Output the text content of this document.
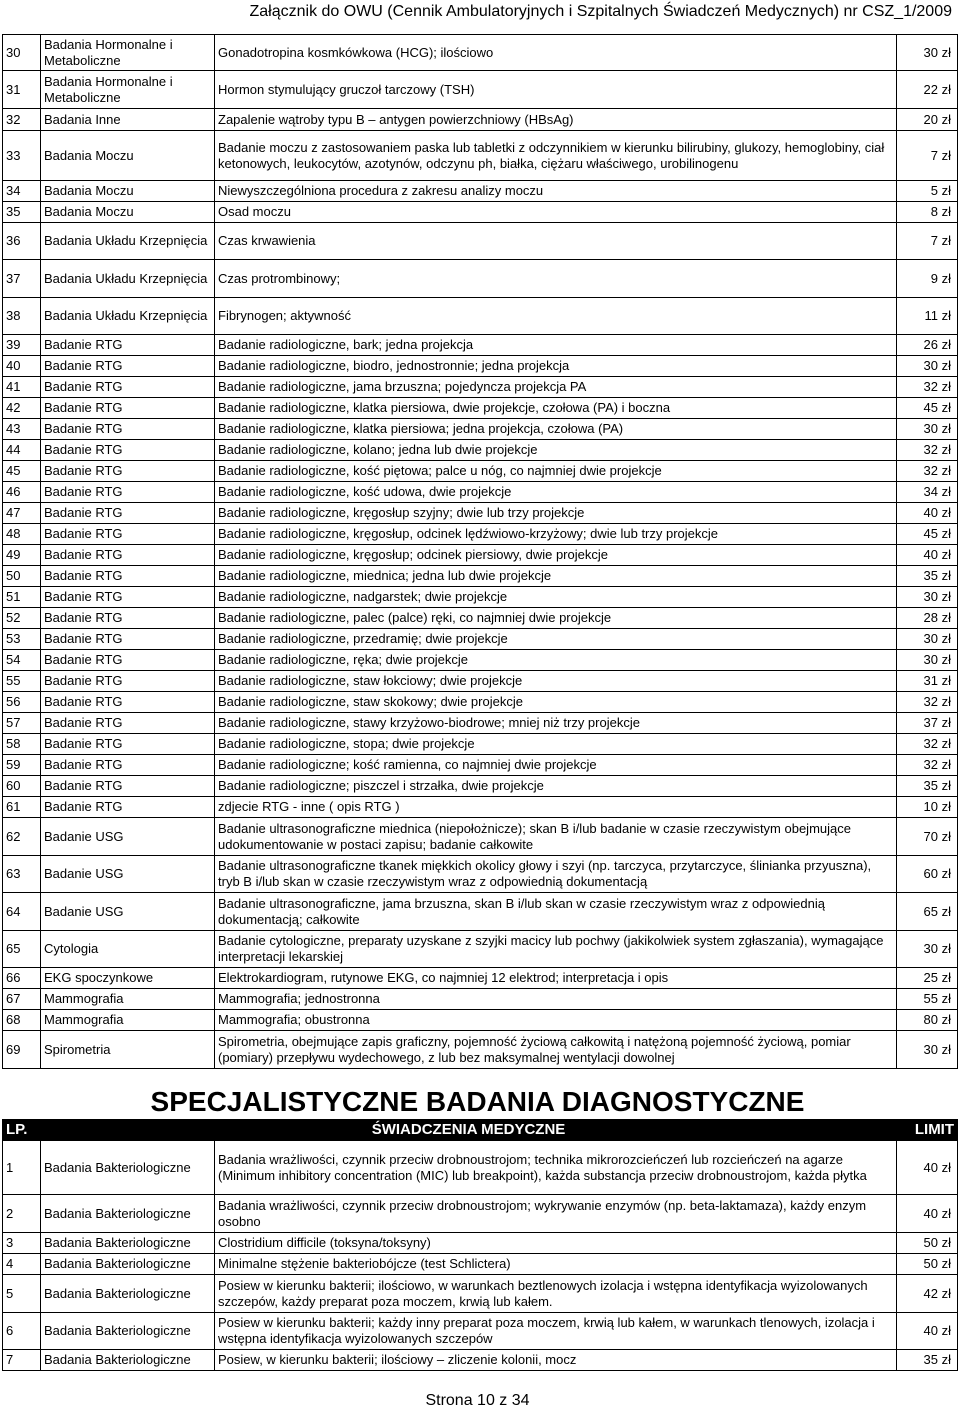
Załącznik do OWU (Cennik Ambulatoryjnych i Szpitalnych Świadczeń Medycznych) nr CSZ_1/2009
30	Badania Hormonalne i Metaboliczne	Gonadotropina kosmkówkowa (HCG); ilościowo	30 zł
31	Badania Hormonalne i Metaboliczne	Hormon stymulujący gruczoł tarczowy (TSH)	22 zł
32	Badania Inne	Zapalenie wątroby typu B – antygen powierzchniowy (HBsAg)	20 zł
33	Badania Moczu	Badanie moczu z zastosowaniem paska lub tabletki z odczynnikiem w kierunku bilirubiny, glukozy, hemoglobiny, ciał ketonowych, leukocytów, azotynów, odczynu ph, białka, ciężaru właściwego, urobilinogenu	7 zł
34	Badania Moczu	Niewyszczególniona procedura z zakresu analizy moczu	5 zł
35	Badania Moczu	Osad moczu	8 zł
36	Badania Układu Krzepnięcia	Czas krwawienia	7 zł
37	Badania Układu Krzepnięcia	Czas protrombinowy;	9 zł
38	Badania Układu Krzepnięcia	Fibrynogen; aktywność	11 zł
39	Badanie RTG	Badanie radiologiczne, bark; jedna projekcja	26 zł
40	Badanie RTG	Badanie radiologiczne, biodro, jednostronnie; jedna projekcja	30 zł
41	Badanie RTG	Badanie radiologiczne, jama brzuszna; pojedyncza projekcja PA	32 zł
42	Badanie RTG	Badanie radiologiczne, klatka piersiowa, dwie projekcje, czołowa (PA) i boczna	45 zł
43	Badanie RTG	Badanie radiologiczne, klatka piersiowa; jedna projekcja, czołowa (PA)	30 zł
44	Badanie RTG	Badanie radiologiczne, kolano; jedna lub dwie projekcje	32 zł
45	Badanie RTG	Badanie radiologiczne, kość piętowa; palce u nóg, co najmniej dwie projekcje	32 zł
46	Badanie RTG	Badanie radiologiczne, kość udowa, dwie projekcje	34 zł
47	Badanie RTG	Badanie radiologiczne, kręgosłup szyjny; dwie lub trzy projekcje	40 zł
48	Badanie RTG	Badanie radiologiczne, kręgosłup, odcinek lędźwiowo-krzyżowy; dwie lub trzy projekcje	45 zł
49	Badanie RTG	Badanie radiologiczne, kręgosłup; odcinek piersiowy, dwie projekcje	40 zł
50	Badanie RTG	Badanie radiologiczne, miednica; jedna lub dwie projekcje	35 zł
51	Badanie RTG	Badanie radiologiczne, nadgarstek; dwie projekcje	30 zł
52	Badanie RTG	Badanie radiologiczne, palec (palce) ręki, co najmniej dwie projekcje	28 zł
53	Badanie RTG	Badanie radiologiczne, przedramię; dwie projekcje	30 zł
54	Badanie RTG	Badanie radiologiczne, ręka; dwie projekcje	30 zł
55	Badanie RTG	Badanie radiologiczne, staw łokciowy; dwie projekcje	31 zł
56	Badanie RTG	Badanie radiologiczne, staw skokowy; dwie projekcje	32 zł
57	Badanie RTG	Badanie radiologiczne, stawy krzyżowo-biodrowe; mniej niż trzy projekcje	37 zł
58	Badanie RTG	Badanie radiologiczne, stopa; dwie projekcje	32 zł
59	Badanie RTG	Badanie radiologiczne; kość ramienna, co najmniej dwie projekcje	32 zł
60	Badanie RTG	Badanie radiologiczne; piszczel i strzałka, dwie projekcje	35 zł
61	Badanie RTG	zdjecie RTG - inne ( opis RTG )	10 zł
62	Badanie USG	Badanie ultrasonograficzne miednica (niepołożnicze); skan B i/lub badanie w czasie rzeczywistym obejmujące udokumentowanie w postaci zapisu; badanie całkowite	70 zł
63	Badanie USG	Badanie ultrasonograficzne tkanek miękkich okolicy głowy i szyi (np. tarczyca, przytarczyce, ślinianka przyuszna), tryb B i/lub skan w czasie rzeczywistym wraz z odpowiednią dokumentacją	60 zł
64	Badanie USG	Badanie ultrasonograficzne, jama brzuszna, skan B i/lub skan w czasie rzeczywistym wraz z odpowiednią dokumentacją; całkowite	65 zł
65	Cytologia	Badanie cytologiczne, preparaty uzyskane z szyjki macicy lub pochwy (jakikolwiek system zgłaszania), wymagające interpretacji lekarskiej	30 zł
66	EKG spoczynkowe	Elektrokardiogram, rutynowe EKG, co najmniej 12 elektrod; interpretacja i opis	25 zł
67	Mammografia	Mammografia; jednostronna	55 zł
68	Mammografia	Mammografia; obustronna	80 zł
69	Spirometria	Spirometria, obejmujące zapis graficzny, pojemność życiową całkowitą i natężoną pojemność życiową, pomiar (pomiary) przepływu wydechowego, z lub bez maksymalnej wentylacji dowolnej	30 zł
SPECJALISTYCZNE BADANIA DIAGNOSTYCZNE
LP.	ŚWIADCZENIA MEDYCZNE		LIMIT
1	Badania Bakteriologiczne	Badania wrażliwości, czynnik przeciw drobnoustrojom; technika mikrorozcieńczeń lub rozcieńczeń na agarze (Minimum inhibitory concentration (MIC) lub breakpoint), każda substancja przeciw drobnoustrojom, każda płytka	40 zł
2	Badania Bakteriologiczne	Badania wrażliwości, czynnik przeciw drobnoustrojom; wykrywanie enzymów (np. beta-laktamaza), każdy enzym osobno	40 zł
3	Badania Bakteriologiczne	Clostridium difficile (toksyna/toksyny)	50 zł
4	Badania Bakteriologiczne	Minimalne stężenie bakteriobójcze (test Schlictera)	50 zł
5	Badania Bakteriologiczne	Posiew w kierunku bakterii; ilościowo, w warunkach beztlenowych izolacja i wstępna identyfikacja wyizolowanych szczepów, każdy preparat poza moczem, krwią lub kałem.	42 zł
6	Badania Bakteriologiczne	Posiew w kierunku bakterii; każdy inny preparat poza moczem, krwią lub kałem, w warunkach tlenowych, izolacja i wstępna identyfikacja wyizolowanych szczepów	40 zł
7	Badania Bakteriologiczne	Posiew, w kierunku bakterii; ilościowy – zliczenie kolonii, mocz	35 zł
Strona 10 z 34
